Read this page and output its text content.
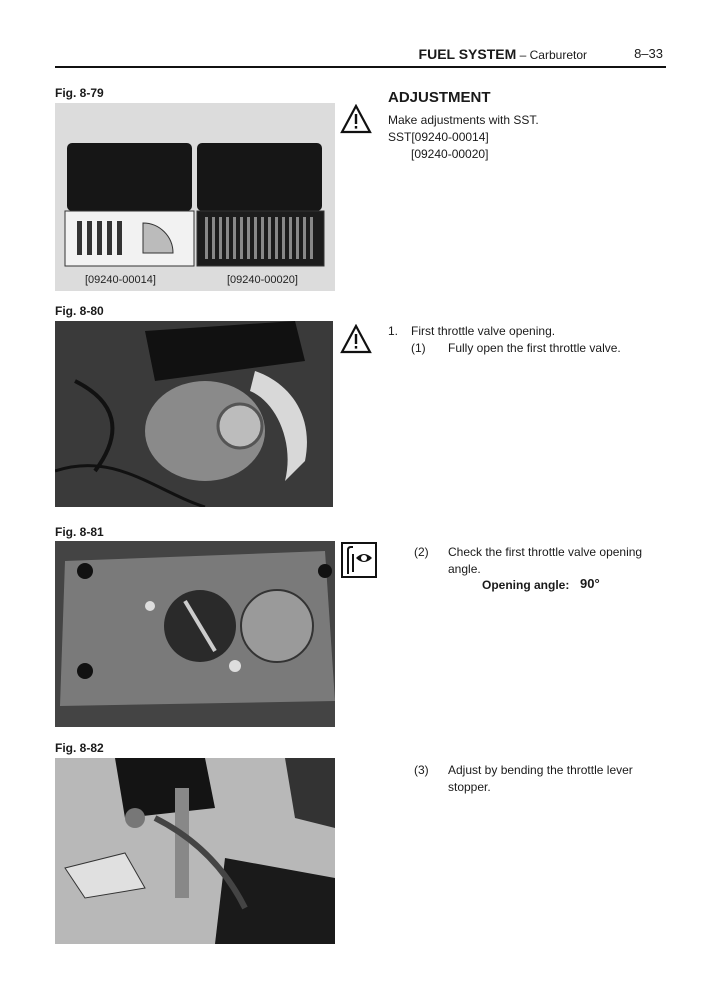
FUEL SYSTEM – Carburetor	8–33
Fig. 8-79
[09240-00014]	[09240-00020]
Fig. 8-80
Fig. 8-81
Fig. 8-82
ADJUSTMENT
Make adjustments with SST.
SST[09240-00014]
[09240-00020]
1. First throttle valve opening.
(1) Fully open the first throttle valve.
(2) Check the first throttle valve opening
angle.
Opening angle: 90°
(3) Adjust by bending the throttle lever
stopper.
